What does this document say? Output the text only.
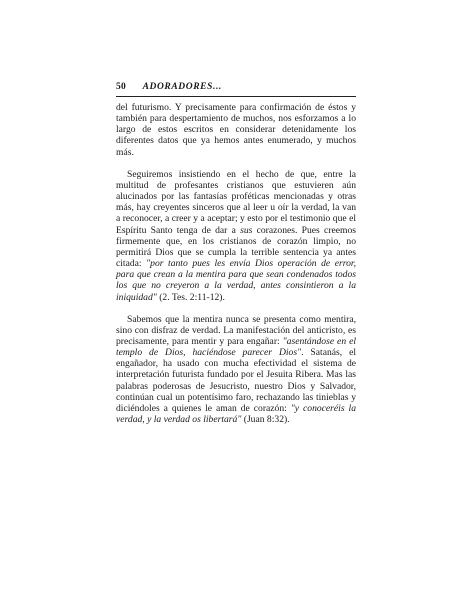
50 ADORADORES...

del futurismo. Y precisamente para confirmación de éstos y también para despertamiento de muchos, nos esforzamos a lo largo de estos escritos en considerar detenidamente los diferentes datos que ya hemos antes enumerado, y muchos más.

Seguiremos insistiendo en el hecho de que, entre la multitud de profesantes cristianos que estuvieren aún alucinados por las fantasías proféticas mencionadas y otras más, hay creyentes sinceros que al leer u oír la verdad, la van a reconocer, a creer y a aceptar; y esto por el testimonio que el Espíritu Santo tenga de dar a sus corazones. Pues creemos firmemente que, en los cristianos de corazón limpio, no permitirá Dios que se cumpla la terrible sentencia ya antes citada: "por tanto pues les envía Dios operación de error, para que crean a la mentira para que sean condenados todos los que no creyeron a la verdad, antes consintieron a la iniquidad" (2. Tes. 2:11-12).

Sabemos que la mentira nunca se presenta como mentira, sino con disfraz de verdad. La manifestación del anticristo, es precisamente, para mentir y para engañar: "asentándose en el templo de Dios, haciéndose parecer Dios". Satanás, el engañador, ha usado con mucha efectividad el sistema de interpretación futurista fundado por el Jesuita Ribera. Mas las palabras poderosas de Jesucristo, nuestro Dios y Salvador, continúan cual un potentísimo faro, rechazando las tinieblas y diciéndoles a quienes le aman de corazón: "y conoceréis la verdad, y la verdad os libertará" (Juan 8:32).
